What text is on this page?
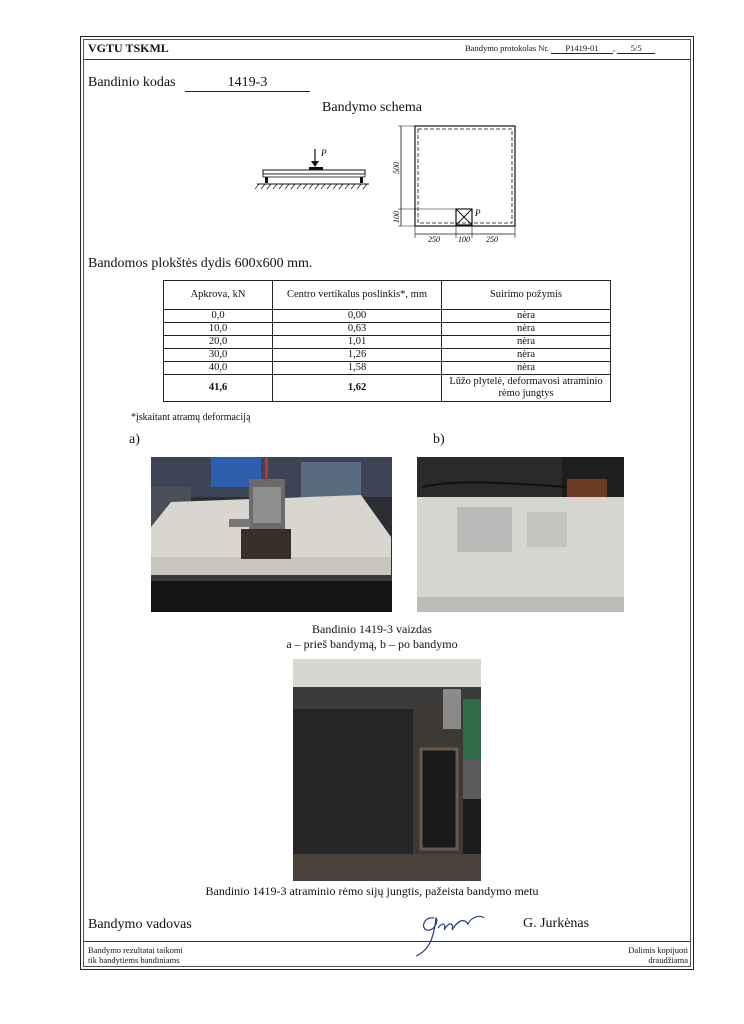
VGTU TSKML	Bandymo protokolas Nr. P1419-01 , 5/5
Bandinio kodas	1419-3
Bandymo schema
P
P
500
100
250 100 250
Bandomos plokštės dydis 600x600 mm.
Apkrova, kN	Centro vertikalus poslinkis*, mm	Suirimo požymis
0,0	0,00	nėra
10,0	0,63	nėra
20,0	1,01	nėra
30,0	1,26	nėra
40,0	1,58	nėra
41,6	1,62	Lūžo plytelė, deformavosi atraminio rėmo jungtys
*įskaitant atramų deformaciją
a)	b)
Bandinio 1419-3 vaizdas
a – prieš bandymą, b – po bandymo
Bandinio 1419-3 atraminio rėmo sijų jungtis, pažeista bandymo metu
Bandymo vadovas	G. Jurkėnas
Bandymo rezultatai taikomi
tik bandytiems bandiniams
Dalimis kopijuoti
draudžiama
